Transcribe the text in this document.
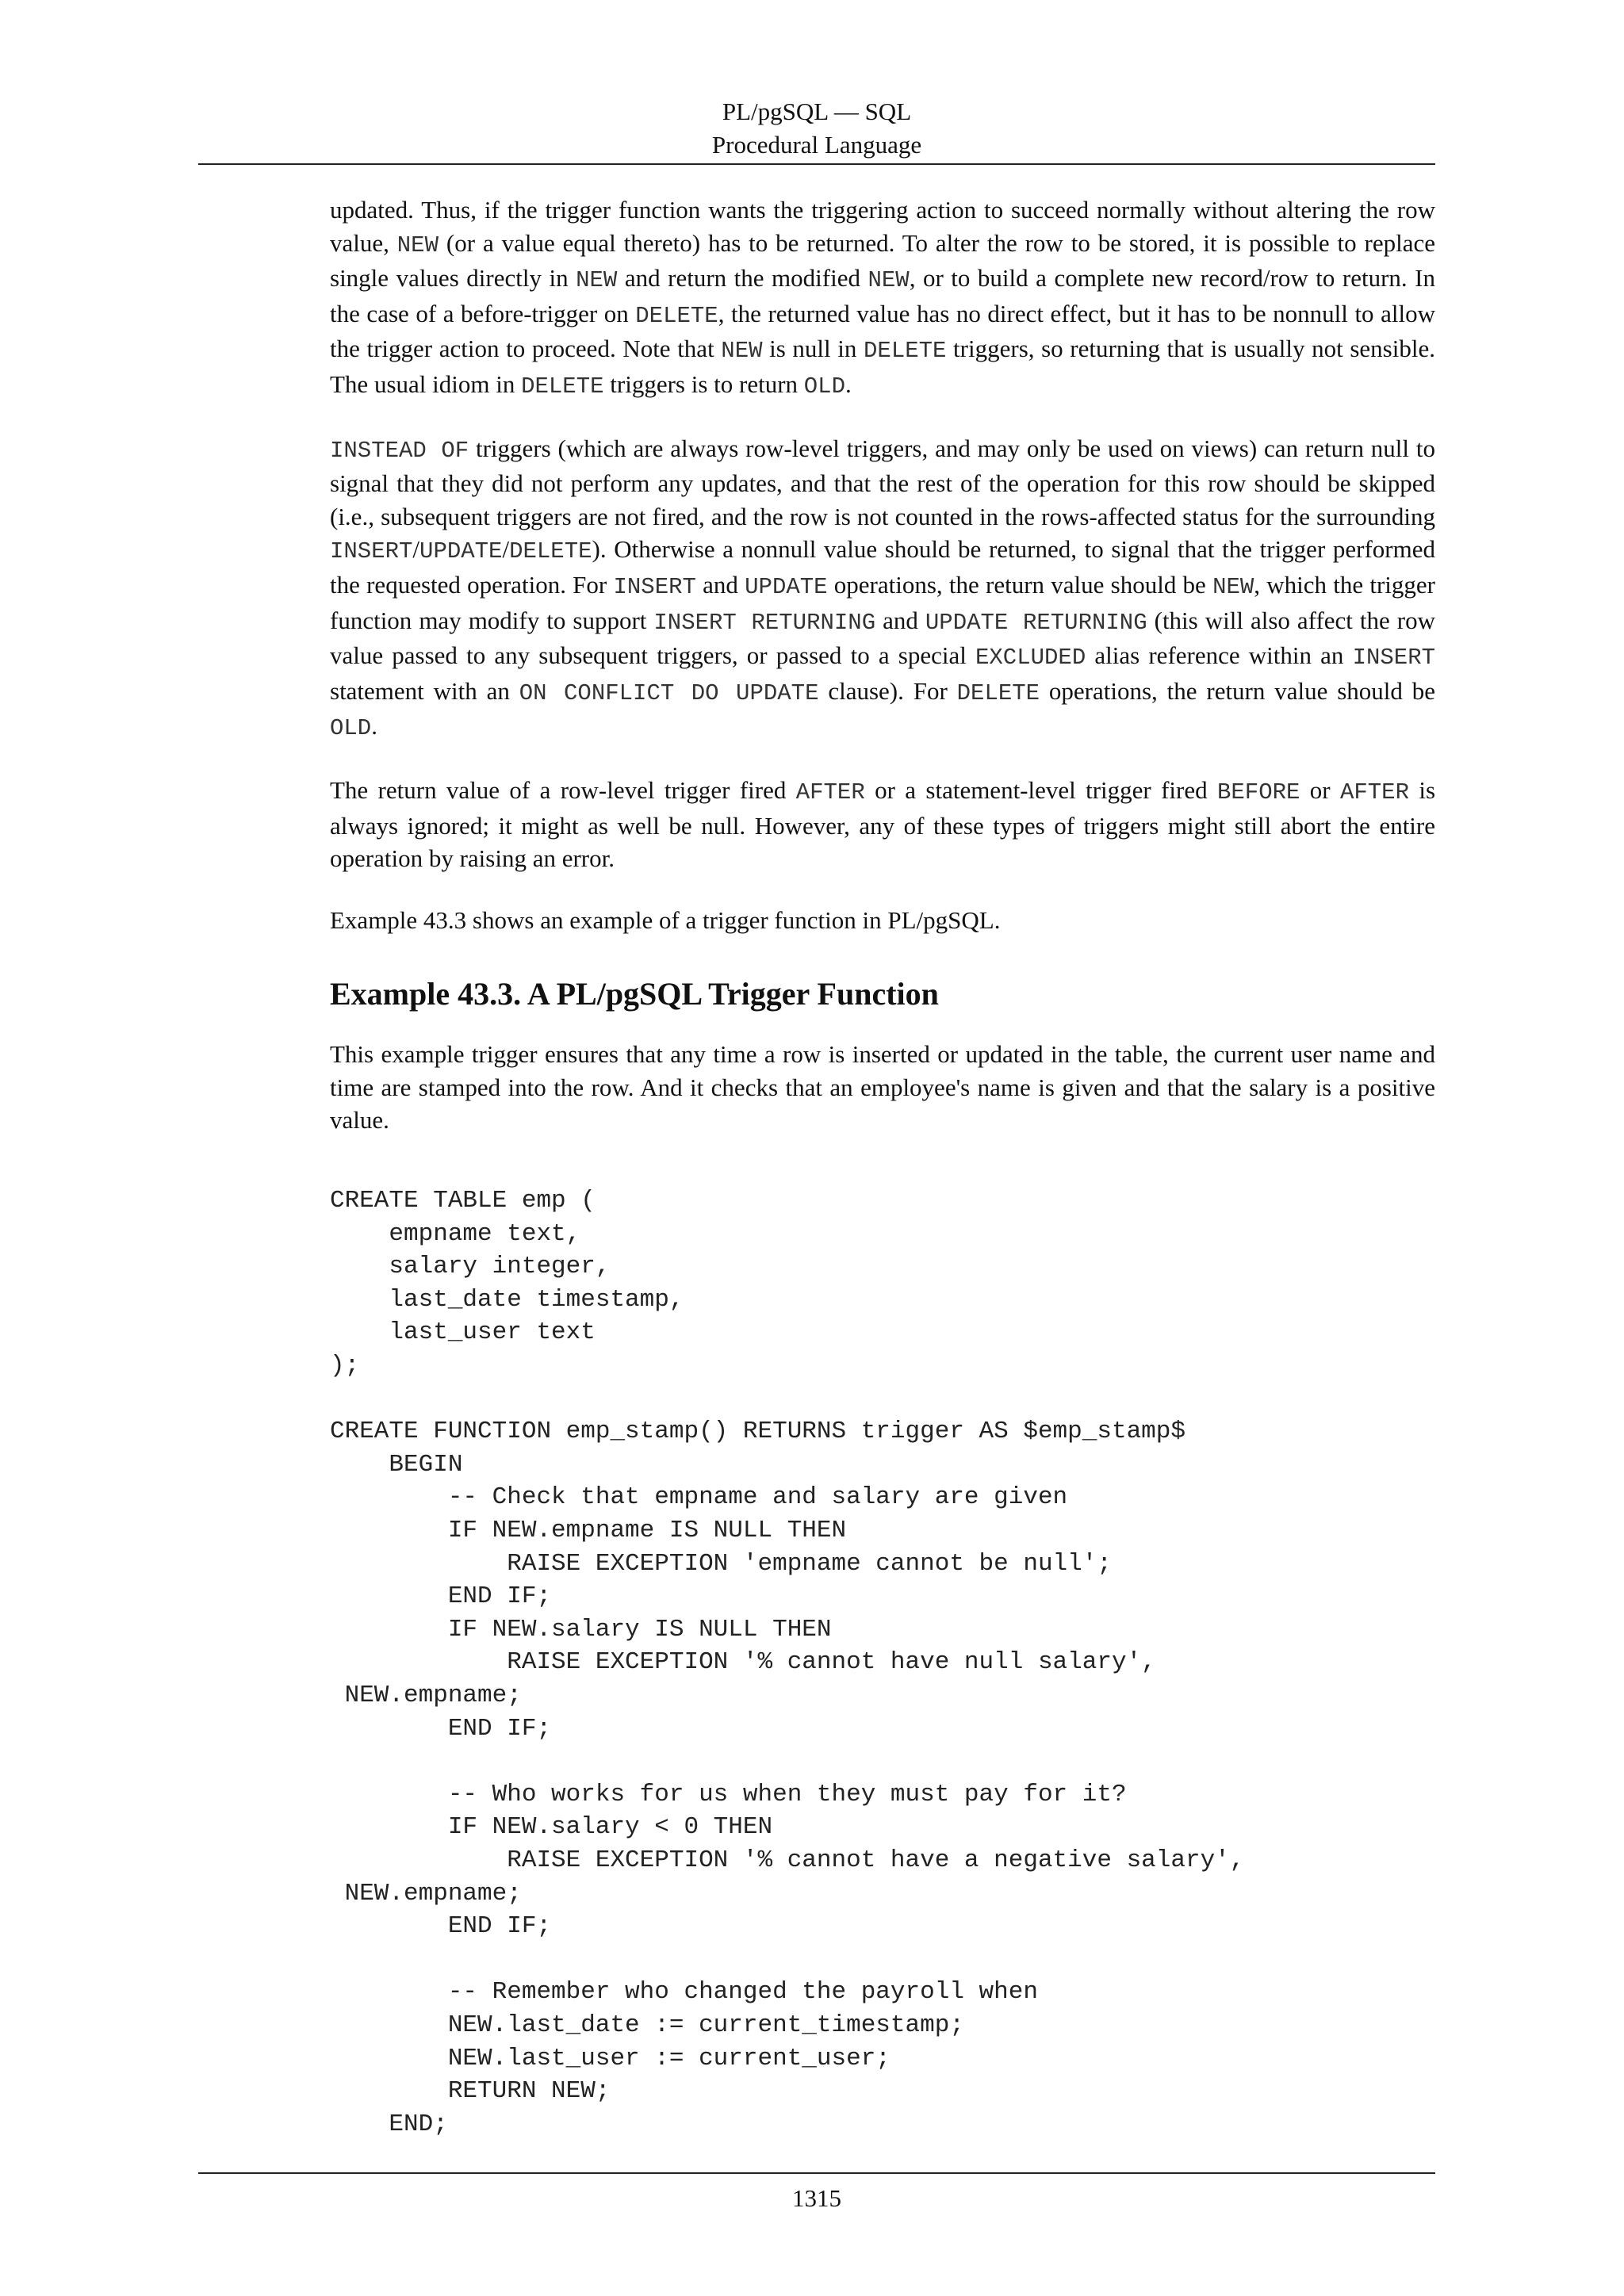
PL/pgSQL — SQL
Procedural Language

updated. Thus, if the trigger function wants the triggering action to succeed normally without altering the row value, NEW (or a value equal thereto) has to be returned. To alter the row to be stored, it is possible to replace single values directly in NEW and return the modified NEW, or to build a complete new record/row to return. In the case of a before-trigger on DELETE, the returned value has no direct effect, but it has to be nonnull to allow the trigger action to proceed. Note that NEW is null in DELETE triggers, so returning that is usually not sensible. The usual idiom in DELETE triggers is to return OLD.

INSTEAD OF triggers (which are always row-level triggers, and may only be used on views) can return null to signal that they did not perform any updates, and that the rest of the operation for this row should be skipped (i.e., subsequent triggers are not fired, and the row is not counted in the rows-affected status for the surrounding INSERT/UPDATE/DELETE). Otherwise a nonnull value should be returned, to signal that the trigger performed the requested operation. For INSERT and UPDATE operations, the return value should be NEW, which the trigger function may modify to support INSERT RETURNING and UPDATE RETURNING (this will also affect the row value passed to any subsequent triggers, or passed to a special EXCLUDED alias reference within an INSERT statement with an ON CONFLICT DO UPDATE clause). For DELETE operations, the return value should be OLD.

The return value of a row-level trigger fired AFTER or a statement-level trigger fired BEFORE or AFTER is always ignored; it might as well be null. However, any of these types of triggers might still abort the entire operation by raising an error.

Example 43.3 shows an example of a trigger function in PL/pgSQL.

Example 43.3. A PL/pgSQL Trigger Function

This example trigger ensures that any time a row is inserted or updated in the table, the current user name and time are stamped into the row. And it checks that an employee's name is given and that the salary is a positive value.

CREATE TABLE emp (
empname text,
salary integer,
last_date timestamp,
last_user text
);

CREATE FUNCTION emp_stamp() RETURNS trigger AS $emp_stamp$
BEGIN
-- Check that empname and salary are given
IF NEW.empname IS NULL THEN
RAISE EXCEPTION 'empname cannot be null';
END IF;
IF NEW.salary IS NULL THEN
RAISE EXCEPTION '% cannot have null salary',
NEW.empname;
END IF;

-- Who works for us when they must pay for it?
IF NEW.salary < 0 THEN
RAISE EXCEPTION '% cannot have a negative salary',
NEW.empname;
END IF;

-- Remember who changed the payroll when
NEW.last_date := current_timestamp;
NEW.last_user := current_user;
RETURN NEW;
END;
1315
